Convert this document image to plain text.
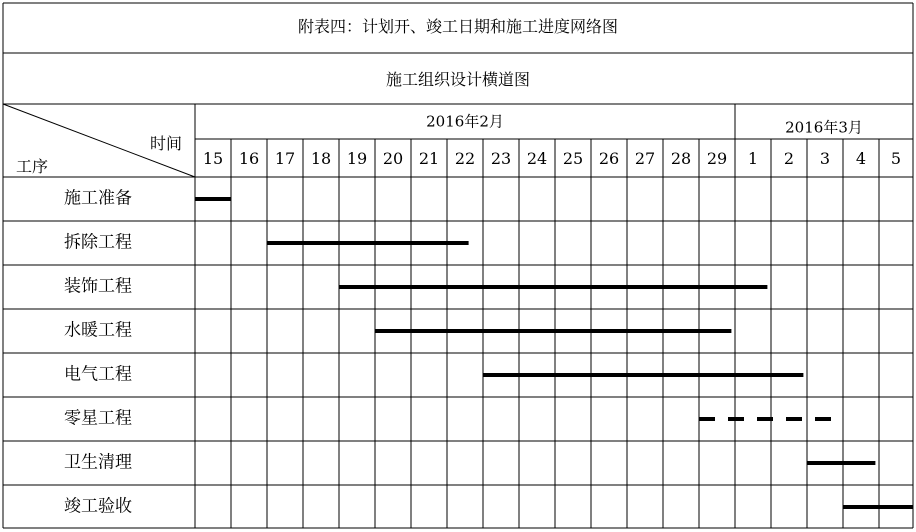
附表四：计划开、竣工日期和施工进度网络图
施工组织设计横道图
时间
工序
2016年2月	2016年3月
15 16 17 18 19 20 21 22 23 24 25 26 27 28 29 1 2 3 4 5
施工准备
拆除工程
装饰工程
水暖工程
电气工程
零星工程
卫生清理
竣工验收
